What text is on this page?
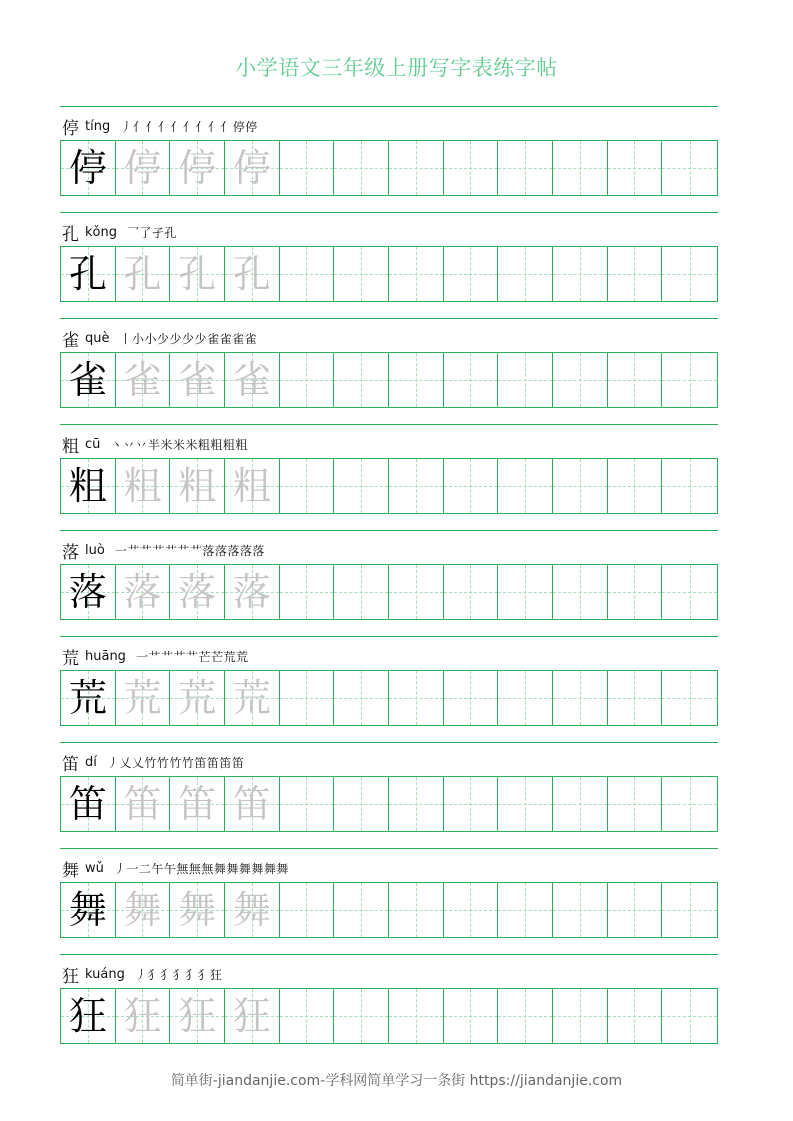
小学语文三年级上册写字表练字帖
停 tíng 丿亻亻亻亻亻亻亻亻停停
停 停 停 停
孔 kǒng 乛了孑孔
孔 孔 孔 孔
雀 què 丨小小少少少少雀雀雀雀
雀 雀 雀 雀
粗 cū 丶丷丷半米米米粗粗粗粗
粗 粗 粗 粗
落 luò 一艹艹艹艹艹艹落落落落落
落 落 落 落
荒 huāng 一艹艹艹艹芒芒荒荒
荒 荒 荒 荒
笛 dí 丿乂乂竹竹竹竹笛笛笛笛
笛 笛 笛 笛
舞 wǔ 丿一二午午無無無舞舞舞舞舞舞
舞 舞 舞 舞
狂 kuáng 丿犭犭犭犭犭狂
狂 狂 狂 狂
简单街-jiandanjie.com-学科网简单学习一条街 https://jiandanjie.com
